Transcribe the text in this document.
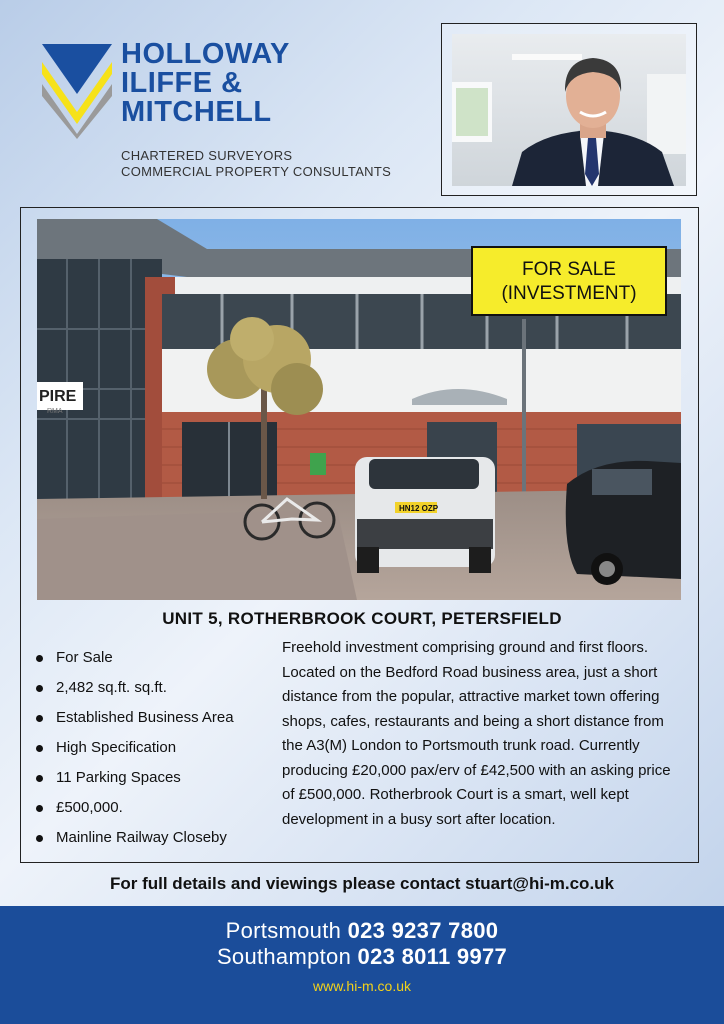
HOLLOWAY
ILIFFE &
MITCHELL
CHARTERED SURVEYORS
COMMERCIAL PROPERTY CONSULTANTS
PIRE
RMA
HN12 OZP
FOR SALE
(INVESTMENT)
UNIT 5, ROTHERBROOK COURT, PETERSFIELD
For Sale
2,482 sq.ft. sq.ft.
Established Business Area
High Specification
11 Parking Spaces
£500,000.
Mainline Railway Closeby
Freehold investment comprising ground and first floors. Located on the Bedford Road business area, just a short distance from the popular, attractive market town offering shops, cafes, restaurants and being a short distance from the A3(M) London to Portsmouth trunk road. Currently producing £20,000 pax/erv of £42,500 with an asking price of £500,000. Rotherbrook Court is a smart, well kept development in a busy sort after location.
For full details and viewings please contact stuart@hi-m.co.uk
Portsmouth 023 9237 7800
Southampton 023 8011 9977
www.hi-m.co.uk
